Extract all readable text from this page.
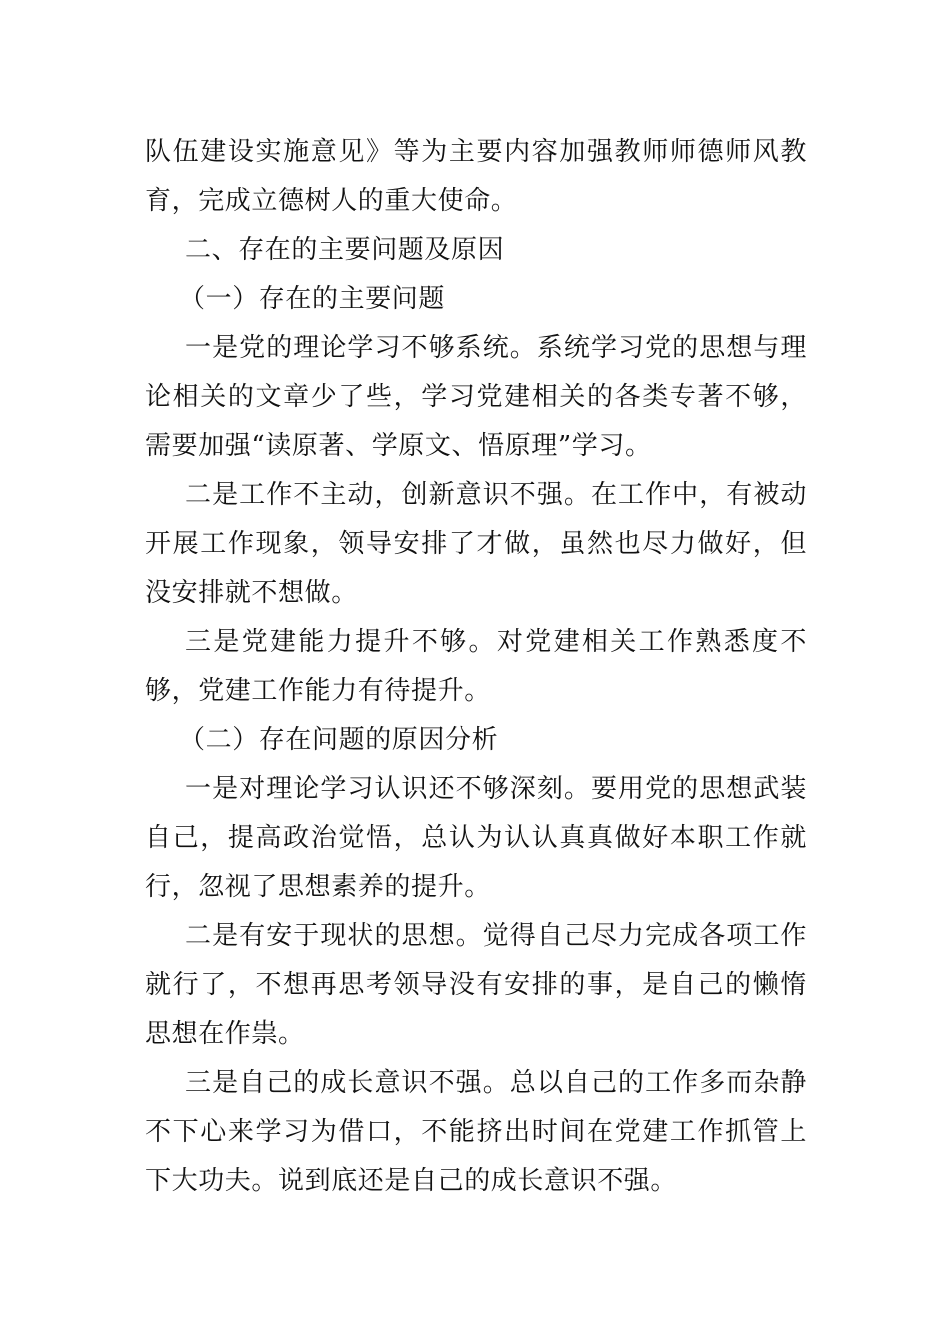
队伍建设实施意见》等为主要内容加强教师师德师风教育，完成立德树人的重大使命。

二、存在的主要问题及原因

（一）存在的主要问题

一是党的理论学习不够系统。系统学习党的思想与理论相关的文章少了些，学习党建相关的各类专著不够，需要加强“读原著、学原文、悟原理”学习。

二是工作不主动，创新意识不强。在工作中，有被动开展工作现象，领导安排了才做，虽然也尽力做好，但没安排就不想做。

三是党建能力提升不够。对党建相关工作熟悉度不够，党建工作能力有待提升。

（二）存在问题的原因分析

一是对理论学习认识还不够深刻。要用党的思想武装自己，提高政治觉悟，总认为认认真真做好本职工作就行，忽视了思想素养的提升。

二是有安于现状的思想。觉得自己尽力完成各项工作就行了，不想再思考领导没有安排的事，是自己的懒惰思想在作祟。

三是自己的成长意识不强。总以自己的工作多而杂静不下心来学习为借口，不能挤出时间在党建工作抓管上下大功夫。说到底还是自己的成长意识不强。
